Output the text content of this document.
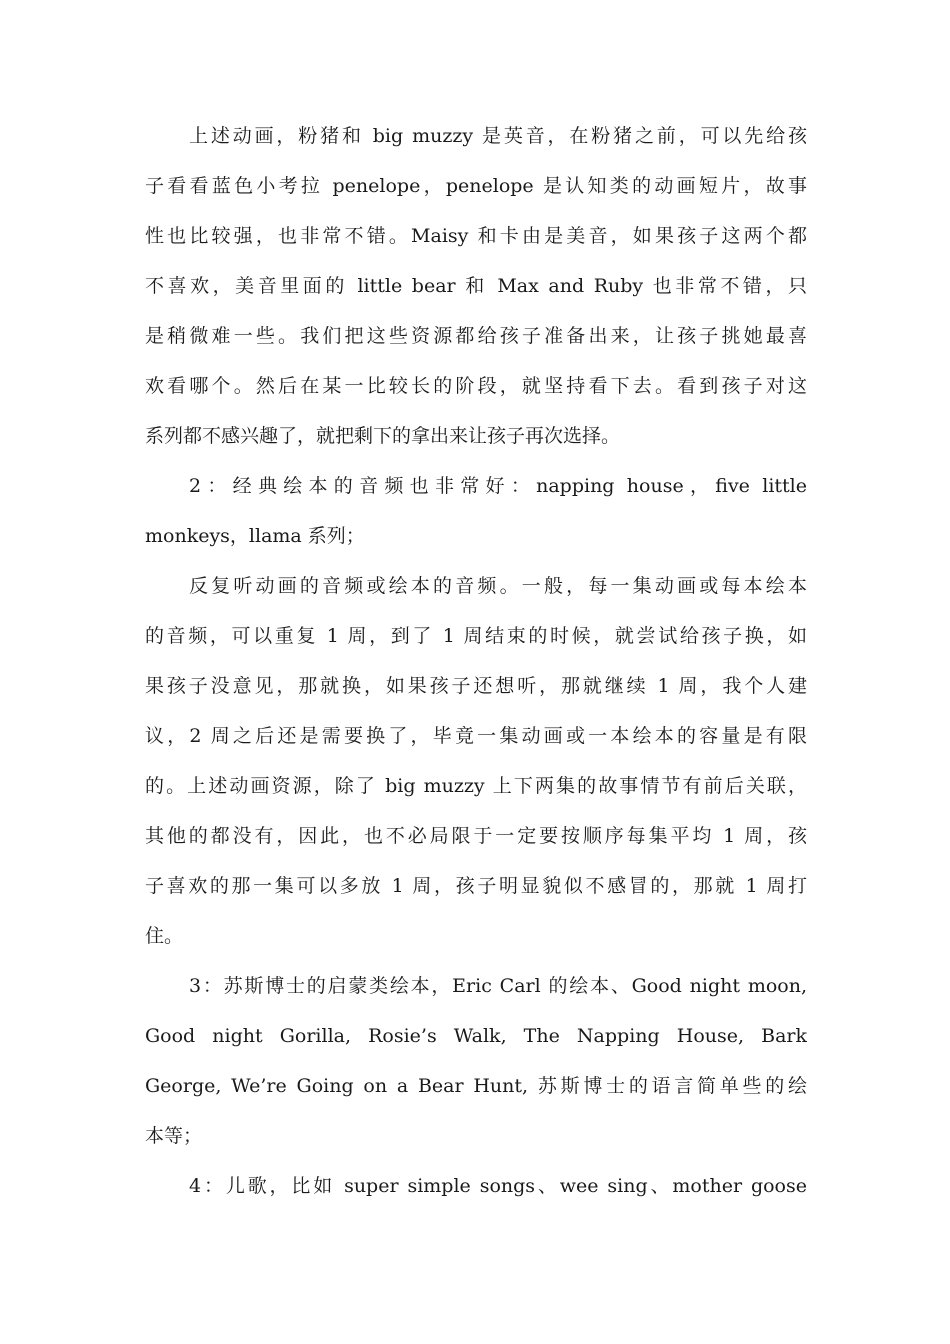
上述动画，粉猪和 big muzzy 是英音，在粉猪之前，可以先给孩
子看看蓝色小考拉 penelope，penelope 是认知类的动画短片，故事
性也比较强，也非常不错。Maisy 和卡由是美音，如果孩子这两个都
不喜欢，美音里面的 little bear 和 Max and Ruby 也非常不错，只
是稍微难一些。我们把这些资源都给孩子准备出来，让孩子挑她最喜
欢看哪个。然后在某一比较长的阶段，就坚持看下去。看到孩子对这
系列都不感兴趣了，就把剩下的拿出来让孩子再次选择。
2：经典绘本的音频也非常好：napping house，five little
monkeys，llama 系列；
反复听动画的音频或绘本的音频。一般，每一集动画或每本绘本
的音频，可以重复 1 周，到了 1 周结束的时候，就尝试给孩子换，如
果孩子没意见，那就换，如果孩子还想听，那就继续 1 周，我个人建
议，2 周之后还是需要换了，毕竟一集动画或一本绘本的容量是有限
的。上述动画资源，除了 big muzzy 上下两集的故事情节有前后关联，
其他的都没有，因此，也不必局限于一定要按顺序每集平均 1 周，孩
子喜欢的那一集可以多放 1 周，孩子明显貌似不感冒的，那就 1 周打
住。
3：苏斯博士的启蒙类绘本，Eric Carl 的绘本、Good night moon,
Good night Gorilla, Rosie’s Walk, The Napping House, Bark
George, We’re Going on a Bear Hunt, 苏斯博士的语言简单些的绘
本等；
4：儿歌，比如 super simple songs、wee sing、mother goose
